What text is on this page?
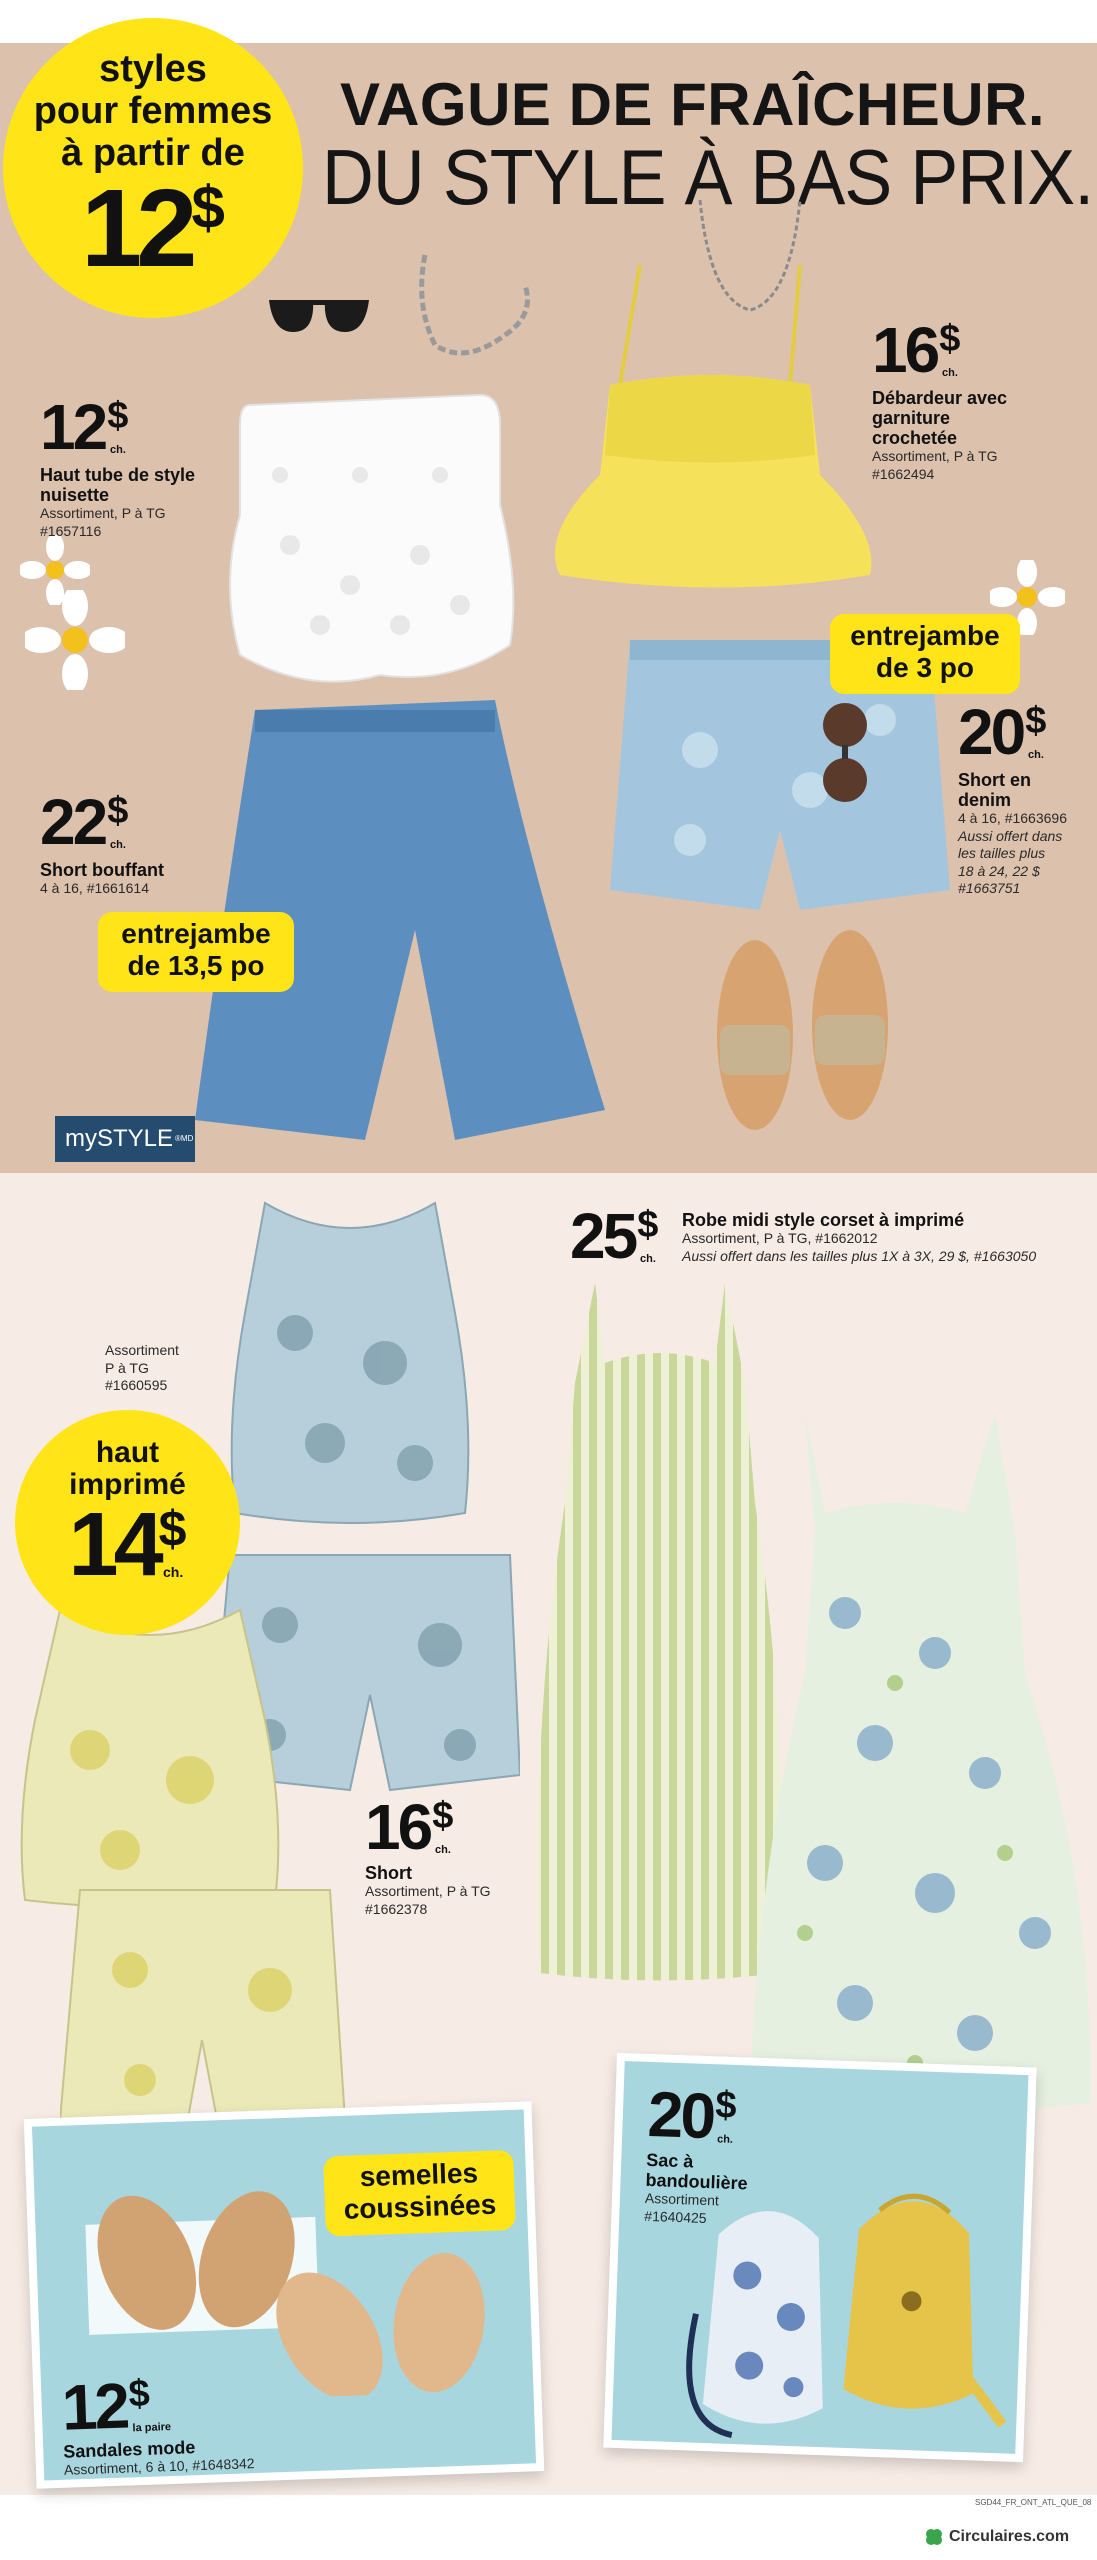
styles
pour femmes
à partir de
12 $
VAGUE DE FRAÎCHEUR.
DU STYLE À BAS PRIX.
12 $
ch.
Haut tube de style nuisette
Assortiment, P à TG
#1657116
16 $
ch.
Débardeur avec garniture crochetée
Assortiment, P à TG
#1662494
22 $
ch.
Short bouffant
4 à 16, #1661614
20 $
ch.
Short en denim
4 à 16, #1663696
Aussi offert dans
les tailles plus
18 à 24, 22 $
#1663751
entrejambe
de 3 po
entrejambe
de 13,5 po
mySTYLE ®MD
25 $
ch.
Robe midi style corset à imprimé
Assortiment, P à TG, #1662012
Aussi offert dans les tailles plus 1X à 3X, 29 $, #1663050
Assortiment
P à TG
#1660595
haut
imprimé
14 $
ch.
16 $
ch.
Short
Assortiment, P à TG
#1662378
semelles
coussinées
12 $
la paire
Sandales mode
Assortiment, 6 à 10, #1648342
20 $
ch.
Sac à
bandoulière
Assortiment
#1640425
SGD44_FR_ONT_ATL_QUE_08
Circulaires.com
